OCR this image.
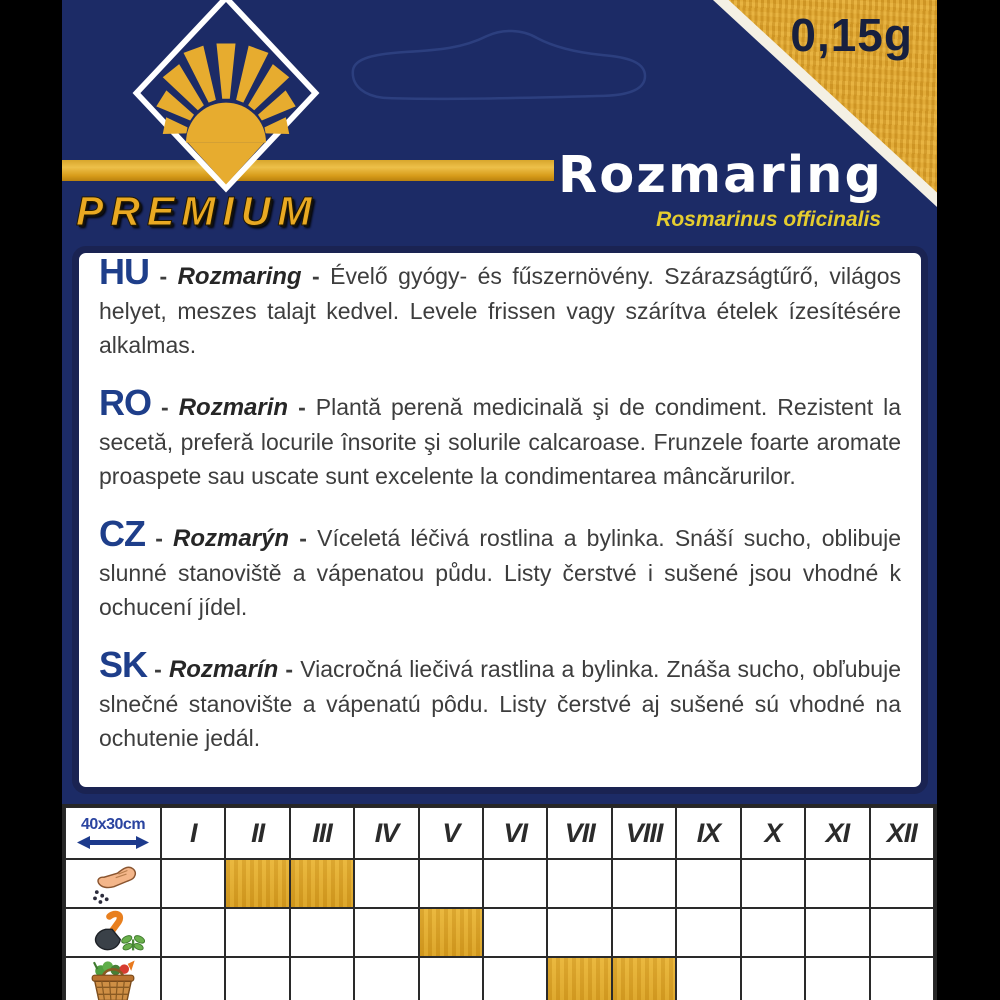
0,15g
PREMIUM
Rozmaring
Rosmarinus officinalis

HU - Rozmaring - Évelő gyógy- és fűszernövény. Szárazságtűrő, világos helyet, meszes talajt kedvel. Levele frissen vagy szárítva ételek ízesítésére alkalmas.

RO - Rozmarin - Plantă perenă medicinală şi de condiment. Rezistent la secetă, preferă locurile însorite şi solurile calcaroase. Frunzele foarte aromate proaspete sau uscate sunt excelente la condimentarea mâncărurilor.

CZ - Rozmarýn - Víceletá léčivá rostlina a bylinka. Snáší sucho, oblibuje slunné stanoviště a vápenatou půdu. Listy čerstvé i sušené jsou vhodné k ochucení jídel.

SK - Rozmarín - Viacročná liečivá rastlina a bylinka. Znáša sucho, obľubuje slnečné stanovište a vápenatú pôdu. Listy čerstvé aj sušené sú vhodné na ochutenie jedál.

40x30cm	I	II	III	IV	V	VI	VII	VIII	IX	X	XI	XII
